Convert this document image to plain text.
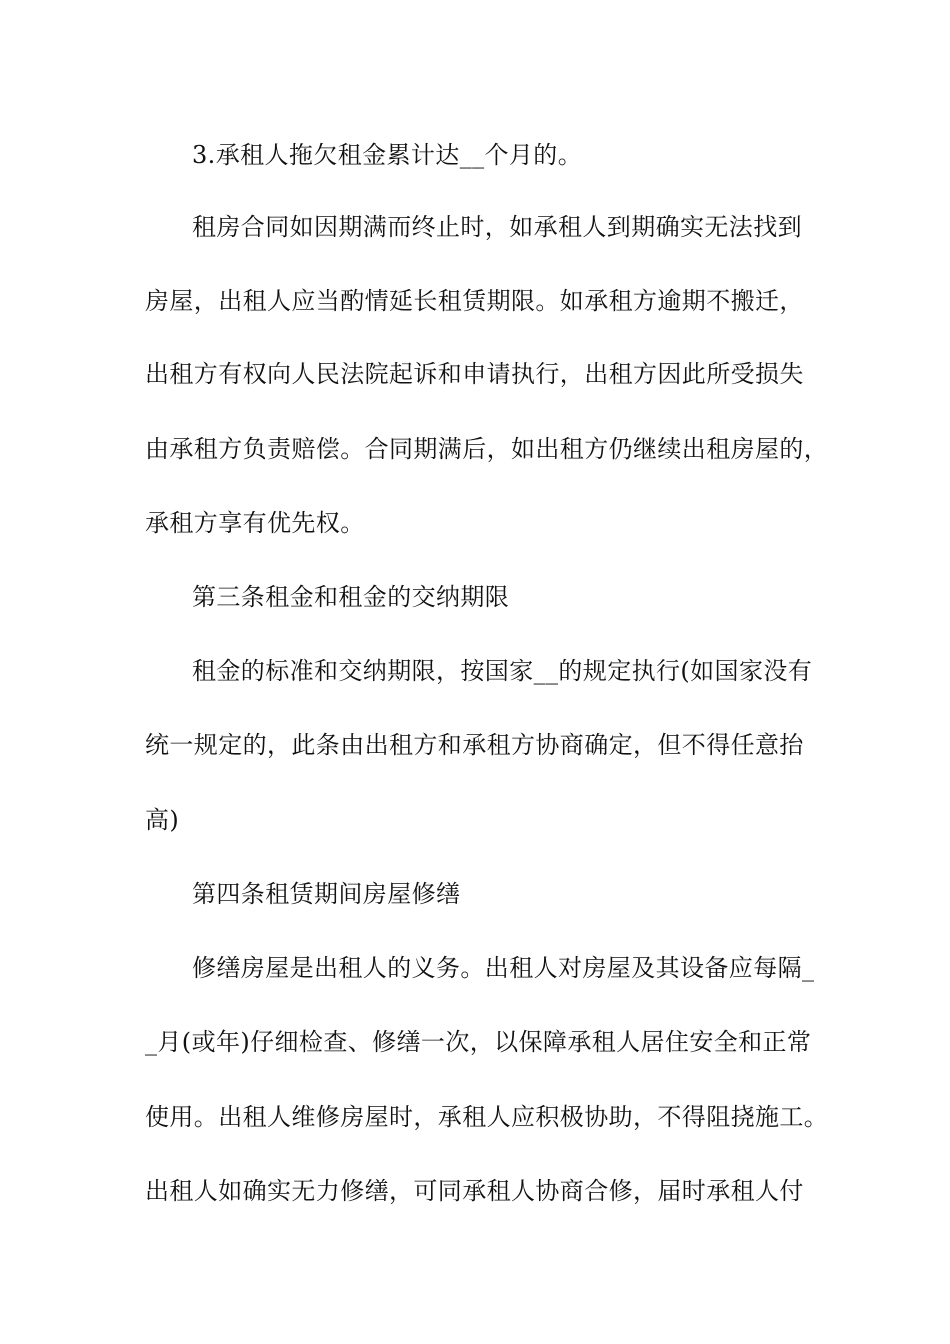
3.承租人拖欠租金累计达__个月的。
租房合同如因期满而终止时，如承租人到期确实无法找到
房屋，出租人应当酌情延长租赁期限。如承租方逾期不搬迁，
出租方有权向人民法院起诉和申请执行，出租方因此所受损失
由承租方负责赔偿。合同期满后，如出租方仍继续出租房屋的，
承租方享有优先权。
第三条租金和租金的交纳期限
租金的标准和交纳期限，按国家__的规定执行(如国家没有
统一规定的，此条由出租方和承租方协商确定，但不得任意抬
高)
第四条租赁期间房屋修缮
修缮房屋是出租人的义务。出租人对房屋及其设备应每隔_
_月(或年)仔细检查、修缮一次，以保障承租人居住安全和正常
使用。出租人维修房屋时，承租人应积极协助，不得阻挠施工。
出租人如确实无力修缮，可同承租人协商合修，届时承租人付
